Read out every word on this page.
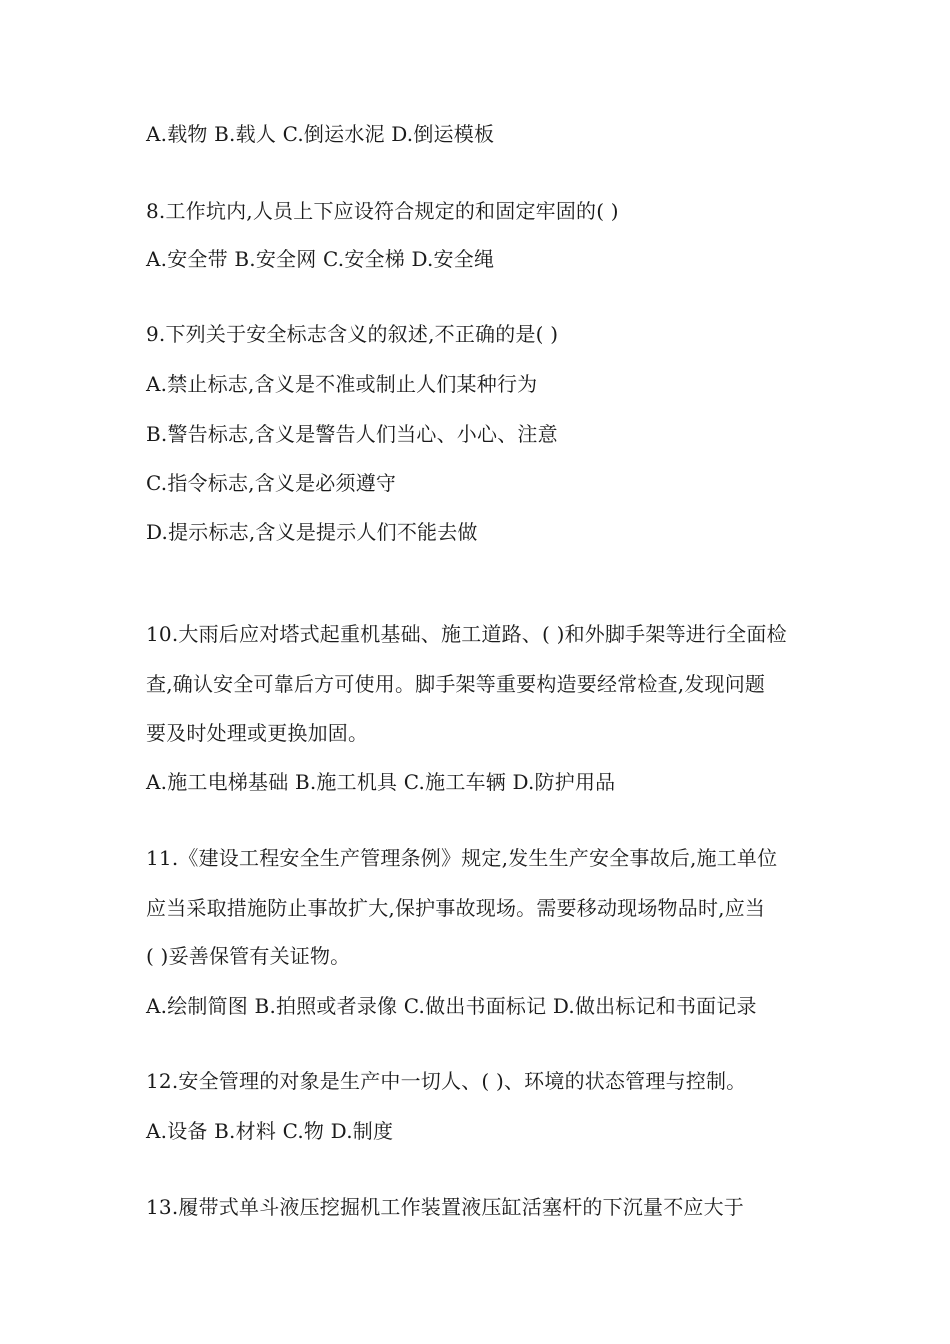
A.载物 B.载人 C.倒运水泥 D.倒运模板
8.工作坑内,人员上下应设符合规定的和固定牢固的( )
A.安全带 B.安全网 C.安全梯 D.安全绳
9.下列关于安全标志含义的叙述,不正确的是( )
A.禁止标志,含义是不准或制止人们某种行为
B.警告标志,含义是警告人们当心、小心、注意
C.指令标志,含义是必须遵守
D.提示标志,含义是提示人们不能去做
10.大雨后应对塔式起重机基础、施工道路、( )和外脚手架等进行全面检
查,确认安全可靠后方可使用。脚手架等重要构造要经常检查,发现问题
要及时处理或更换加固。
A.施工电梯基础 B.施工机具 C.施工车辆 D.防护用品
11.《建设工程安全生产管理条例》规定,发生生产安全事故后,施工单位
应当采取措施防止事故扩大,保护事故现场。需要移动现场物品时,应当
( )妥善保管有关证物。
A.绘制简图 B.拍照或者录像 C.做出书面标记 D.做出标记和书面记录
12.安全管理的对象是生产中一切人、( )、环境的状态管理与控制。
A.设备 B.材料 C.物 D.制度
13.履带式单斗液压挖掘机工作装置液压缸活塞杆的下沉量不应大于
